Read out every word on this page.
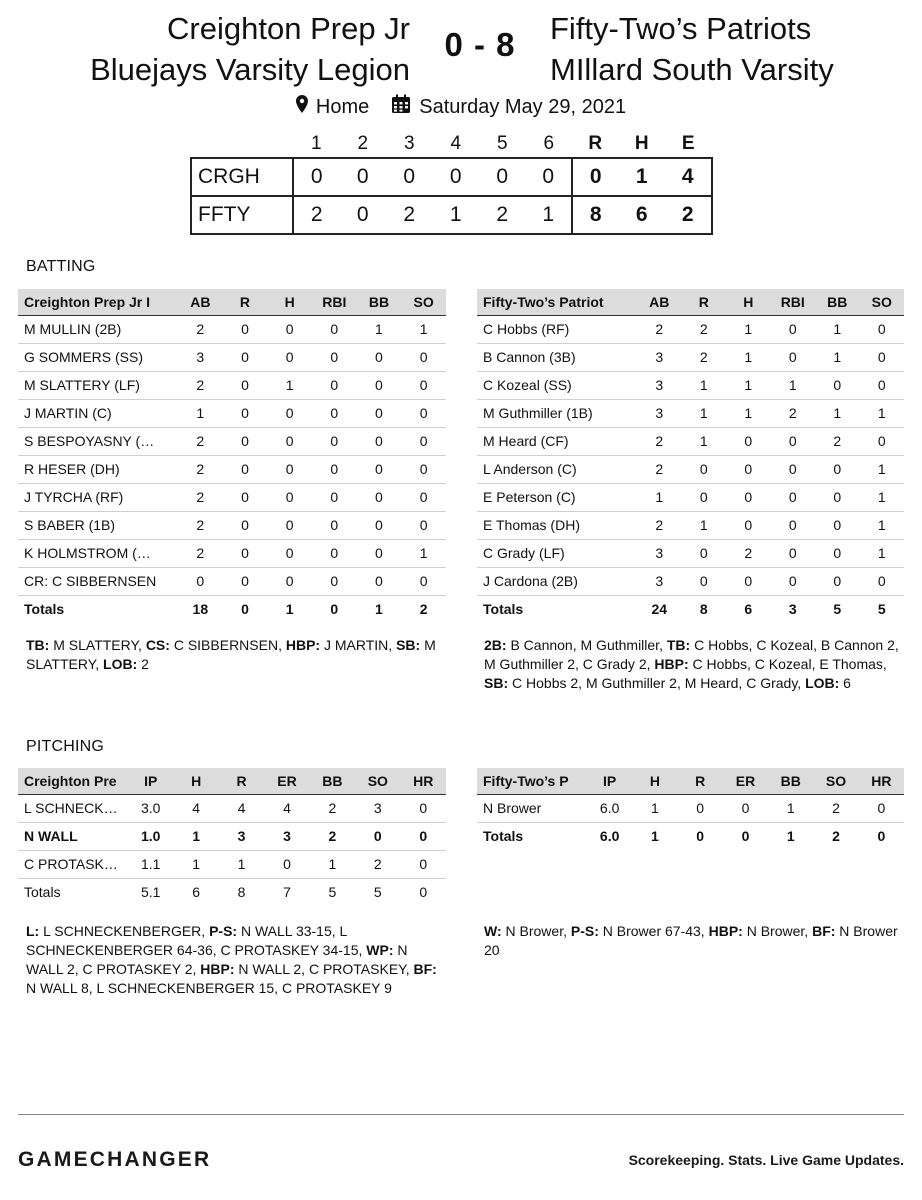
Creighton Prep Jr
Bluejays Varsity Legion
0 - 8	Fifty-Two’s Patriots
MIllard South Varsity
Home	Saturday May 29, 2021
	1	2	3	4	5	6	R	H	E
CRGH	0	0	0	0	0	0	0	1	4
FFTY	2	0	2	1	2	1	8	6	2
BATTING
Creighton Prep Jr I	AB	R	H	RBI	BB	SO
M MULLIN (2B)	2	0	0	0	1	1
G SOMMERS (SS)	3	0	0	0	0	0
M SLATTERY (LF)	2	0	1	0	0	0
J MARTIN (C)	1	0	0	0	0	0
S BESPOYASNY (…	2	0	0	0	0	0
R HESER (DH)	2	0	0	0	0	0
J TYRCHA (RF)	2	0	0	0	0	0
S BABER (1B)	2	0	0	0	0	0
K HOLMSTROM (…	2	0	0	0	0	1
CR: C SIBBERNSEN	0	0	0	0	0	0
Totals	18	0	1	0	1	2
Fifty-Two’s Patriot	AB	R	H	RBI	BB	SO
C Hobbs (RF)	2	2	1	0	1	0
B Cannon (3B)	3	2	1	0	1	0
C Kozeal (SS)	3	1	1	1	0	0
M Guthmiller (1B)	3	1	1	2	1	1
M Heard (CF)	2	1	0	0	2	0
L Anderson (C)	2	0	0	0	0	1
E Peterson (C)	1	0	0	0	0	1
E Thomas (DH)	2	1	0	0	0	1
C Grady (LF)	3	0	2	0	0	1
J Cardona (2B)	3	0	0	0	0	0
Totals	24	8	6	3	5	5
TB: M SLATTERY, CS: C SIBBERNSEN, HBP: J MARTIN, SB: M SLATTERY, LOB: 2
2B: B Cannon, M Guthmiller, TB: C Hobbs, C Kozeal, B Cannon 2, M Guthmiller 2, C Grady 2, HBP: C Hobbs, C Kozeal, E Thomas, SB: C Hobbs 2, M Guthmiller 2, M Heard, C Grady, LOB: 6
PITCHING
Creighton Pre	IP	H	R	ER	BB	SO	HR
L SCHNECK…	3.0	4	4	4	2	3	0
N WALL	1.0	1	3	3	2	0	0
C PROTASK…	1.1	1	1	0	1	2	0
Totals	5.1	6	8	7	5	5	0
Fifty-Two’s P	IP	H	R	ER	BB	SO	HR
N Brower	6.0	1	0	0	1	2	0
Totals	6.0	1	0	0	1	2	0
L: L SCHNECKENBERGER, P-S: N WALL 33-15, L SCHNECKENBERGER 64-36, C PROTASKEY 34-15, WP: N WALL 2, C PROTASKEY 2, HBP: N WALL 2, C PROTASKEY, BF: N WALL 8, L SCHNECKENBERGER 15, C PROTASKEY 9
W: N Brower, P-S: N Brower 67-43, HBP: N Brower, BF: N Brower 20
GAMECHANGER	Scorekeeping. Stats. Live Game Updates.
